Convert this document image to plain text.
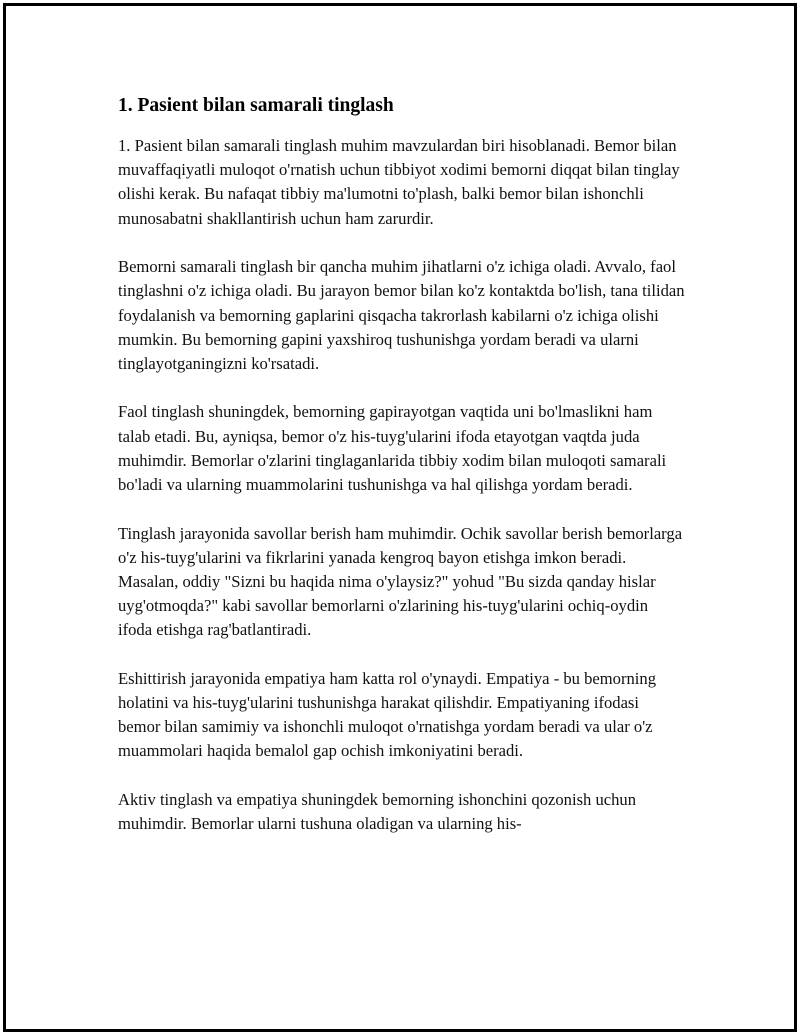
1. Pasient bilan samarali tinglash

1. Pasient bilan samarali tinglash muhim mavzulardan biri hisoblanadi. Bemor bilan muvaffaqiyatli muloqot o'rnatish uchun tibbiyot xodimi bemorni diqqat bilan tinglay olishi kerak. Bu nafaqat tibbiy ma'lumotni to'plash, balki bemor bilan ishonchli munosabatni shakllantirish uchun ham zarurdir.

Bemorni samarali tinglash bir qancha muhim jihatlarni o'z ichiga oladi. Avvalo, faol tinglashni o'z ichiga oladi. Bu jarayon bemor bilan ko'z kontaktda bo'lish, tana tilidan foydalanish va bemorning gaplarini qisqacha takrorlash kabilarni o'z ichiga olishi mumkin. Bu bemorning gapini yaxshiroq tushunishga yordam beradi va ularni tinglayotganingizni ko'rsatadi.

Faol tinglash shuningdek, bemorning gapirayotgan vaqtida uni bo'lmaslikni ham talab etadi. Bu, ayniqsa, bemor o'z his-tuyg'ularini ifoda etayotgan vaqtda juda muhimdir. Bemorlar o'zlarini tinglaganlarida tibbiy xodim bilan muloqoti samarali bo'ladi va ularning muammolarini tushunishga va hal qilishga yordam beradi.

Tinglash jarayonida savollar berish ham muhimdir. Ochik savollar berish bemorlarga o'z his-tuyg'ularini va fikrlarini yanada kengroq bayon etishga imkon beradi. Masalan, oddiy "Sizni bu haqida nima o'ylaysiz?" yohud "Bu sizda qanday hislar uyg'otmoqda?" kabi savollar bemorlarni o'zlarining his-tuyg'ularini ochiq-oydin ifoda etishga rag'batlantiradi.

Eshittirish jarayonida empatiya ham katta rol o'ynaydi. Empatiya - bu bemorning holatini va his-tuyg'ularini tushunishga harakat qilishdir. Empatiyaning ifodasi bemor bilan samimiy va ishonchli muloqot o'rnatishga yordam beradi va ular o'z muammolari haqida bemalol gap ochish imkoniyatini beradi.

Aktiv tinglash va empatiya shuningdek bemorning ishonchini qozonish uchun muhimdir. Bemorlar ularni tushuna oladigan va ularning his-
